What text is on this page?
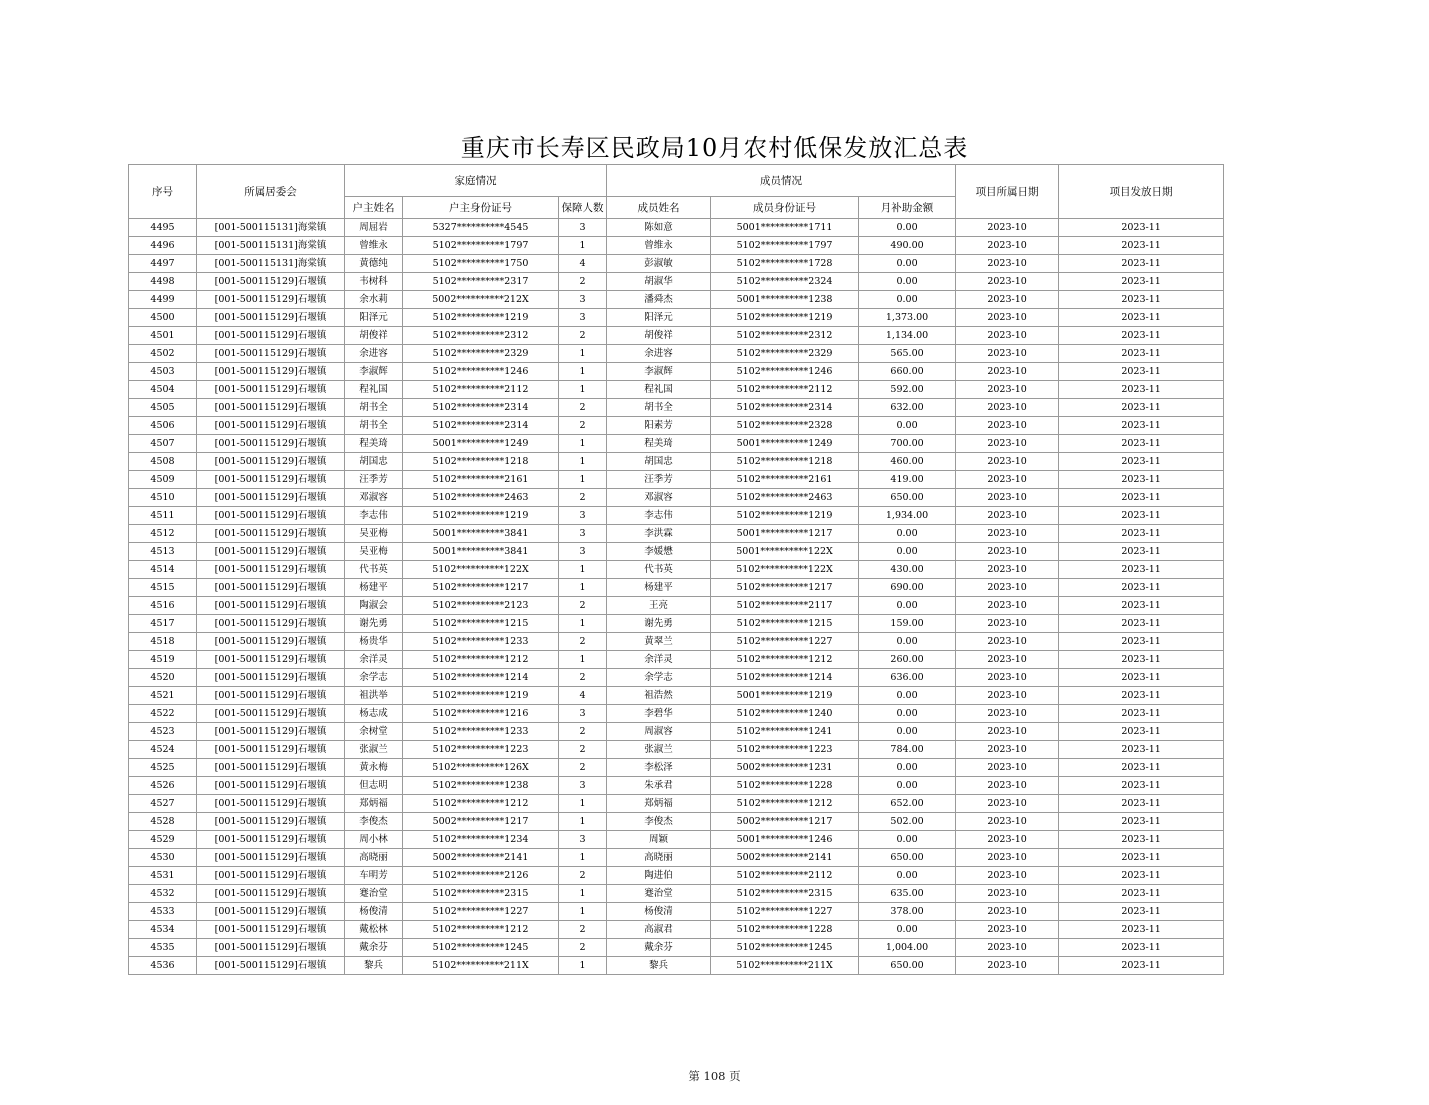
重庆市长寿区民政局10月农村低保发放汇总表
序号	所属居委会	家庭情况			成员情况			项目所属日期	项目发放日期
		户主姓名	户主身份证号	保障人数	成员姓名	成员身份证号	月补助金额		
4495	[001-500115131]海棠镇	周屈岩	5327**********4545	3	陈如意	5001**********1711	0.00	2023-10	2023-11
4496	[001-500115131]海棠镇	曾维永	5102**********1797	1	曾维永	5102**********1797	490.00	2023-10	2023-11
4497	[001-500115131]海棠镇	黄德纯	5102**********1750	4	彭淑敏	5102**********1728	0.00	2023-10	2023-11
4498	[001-500115129]石堰镇	韦树科	5102**********2317	2	胡淑华	5102**********2324	0.00	2023-10	2023-11
4499	[001-500115129]石堰镇	余水莉	5002**********212X	3	潘舜杰	5001**********1238	0.00	2023-10	2023-11
4500	[001-500115129]石堰镇	阳泽元	5102**********1219	3	阳泽元	5102**********1219	1,373.00	2023-10	2023-11
4501	[001-500115129]石堰镇	胡俊祥	5102**********2312	2	胡俊祥	5102**********2312	1,134.00	2023-10	2023-11
4502	[001-500115129]石堰镇	余进容	5102**********2329	1	余进容	5102**********2329	565.00	2023-10	2023-11
4503	[001-500115129]石堰镇	李淑辉	5102**********1246	1	李淑辉	5102**********1246	660.00	2023-10	2023-11
4504	[001-500115129]石堰镇	程礼国	5102**********2112	1	程礼国	5102**********2112	592.00	2023-10	2023-11
4505	[001-500115129]石堰镇	胡书全	5102**********2314	2	胡书全	5102**********2314	632.00	2023-10	2023-11
4506	[001-500115129]石堰镇	胡书全	5102**********2314	2	阳素芳	5102**********2328	0.00	2023-10	2023-11
4507	[001-500115129]石堰镇	程美琦	5001**********1249	1	程美琦	5001**********1249	700.00	2023-10	2023-11
4508	[001-500115129]石堰镇	胡国忠	5102**********1218	1	胡国忠	5102**********1218	460.00	2023-10	2023-11
4509	[001-500115129]石堰镇	汪季芳	5102**********2161	1	汪季芳	5102**********2161	419.00	2023-10	2023-11
4510	[001-500115129]石堰镇	邓淑容	5102**********2463	2	邓淑容	5102**********2463	650.00	2023-10	2023-11
4511	[001-500115129]石堰镇	李志伟	5102**********1219	3	李志伟	5102**********1219	1,934.00	2023-10	2023-11
4512	[001-500115129]石堰镇	吴亚梅	5001**********3841	3	李洪霖	5001**********1217	0.00	2023-10	2023-11
4513	[001-500115129]石堰镇	吴亚梅	5001**********3841	3	李媛懋	5001**********122X	0.00	2023-10	2023-11
4514	[001-500115129]石堰镇	代书英	5102**********122X	1	代书英	5102**********122X	430.00	2023-10	2023-11
4515	[001-500115129]石堰镇	杨建平	5102**********1217	1	杨建平	5102**********1217	690.00	2023-10	2023-11
4516	[001-500115129]石堰镇	陶淑会	5102**********2123	2	王亮	5102**********2117	0.00	2023-10	2023-11
4517	[001-500115129]石堰镇	谢先勇	5102**********1215	1	谢先勇	5102**********1215	159.00	2023-10	2023-11
4518	[001-500115129]石堰镇	杨贵华	5102**********1233	2	黄翠兰	5102**********1227	0.00	2023-10	2023-11
4519	[001-500115129]石堰镇	余洋灵	5102**********1212	1	余洋灵	5102**********1212	260.00	2023-10	2023-11
4520	[001-500115129]石堰镇	余学志	5102**********1214	2	余学志	5102**********1214	636.00	2023-10	2023-11
4521	[001-500115129]石堰镇	祖洪举	5102**********1219	4	祖浩然	5001**********1219	0.00	2023-10	2023-11
4522	[001-500115129]石堰镇	杨志成	5102**********1216	3	李碧华	5102**********1240	0.00	2023-10	2023-11
4523	[001-500115129]石堰镇	余树堂	5102**********1233	2	周淑容	5102**********1241	0.00	2023-10	2023-11
4524	[001-500115129]石堰镇	张淑兰	5102**********1223	2	张淑兰	5102**********1223	784.00	2023-10	2023-11
4525	[001-500115129]石堰镇	黄永梅	5102**********126X	2	李松泽	5002**********1231	0.00	2023-10	2023-11
4526	[001-500115129]石堰镇	但志明	5102**********1238	3	朱承君	5102**********1228	0.00	2023-10	2023-11
4527	[001-500115129]石堰镇	郑炳福	5102**********1212	1	郑炳福	5102**********1212	652.00	2023-10	2023-11
4528	[001-500115129]石堰镇	李俊杰	5002**********1217	1	李俊杰	5002**********1217	502.00	2023-10	2023-11
4529	[001-500115129]石堰镇	周小林	5102**********1234	3	周颖	5001**********1246	0.00	2023-10	2023-11
4530	[001-500115129]石堰镇	高晓丽	5002**********2141	1	高晓丽	5002**********2141	650.00	2023-10	2023-11
4531	[001-500115129]石堰镇	车明芳	5102**********2126	2	陶进伯	5102**********2112	0.00	2023-10	2023-11
4532	[001-500115129]石堰镇	蹇治堂	5102**********2315	1	蹇治堂	5102**********2315	635.00	2023-10	2023-11
4533	[001-500115129]石堰镇	杨俊清	5102**********1227	1	杨俊清	5102**********1227	378.00	2023-10	2023-11
4534	[001-500115129]石堰镇	戴松林	5102**********1212	2	高淑君	5102**********1228	0.00	2023-10	2023-11
4535	[001-500115129]石堰镇	戴余芬	5102**********1245	2	戴余芬	5102**********1245	1,004.00	2023-10	2023-11
4536	[001-500115129]石堰镇	黎兵	5102**********211X	1	黎兵	5102**********211X	650.00	2023-10	2023-11
第 108 页
